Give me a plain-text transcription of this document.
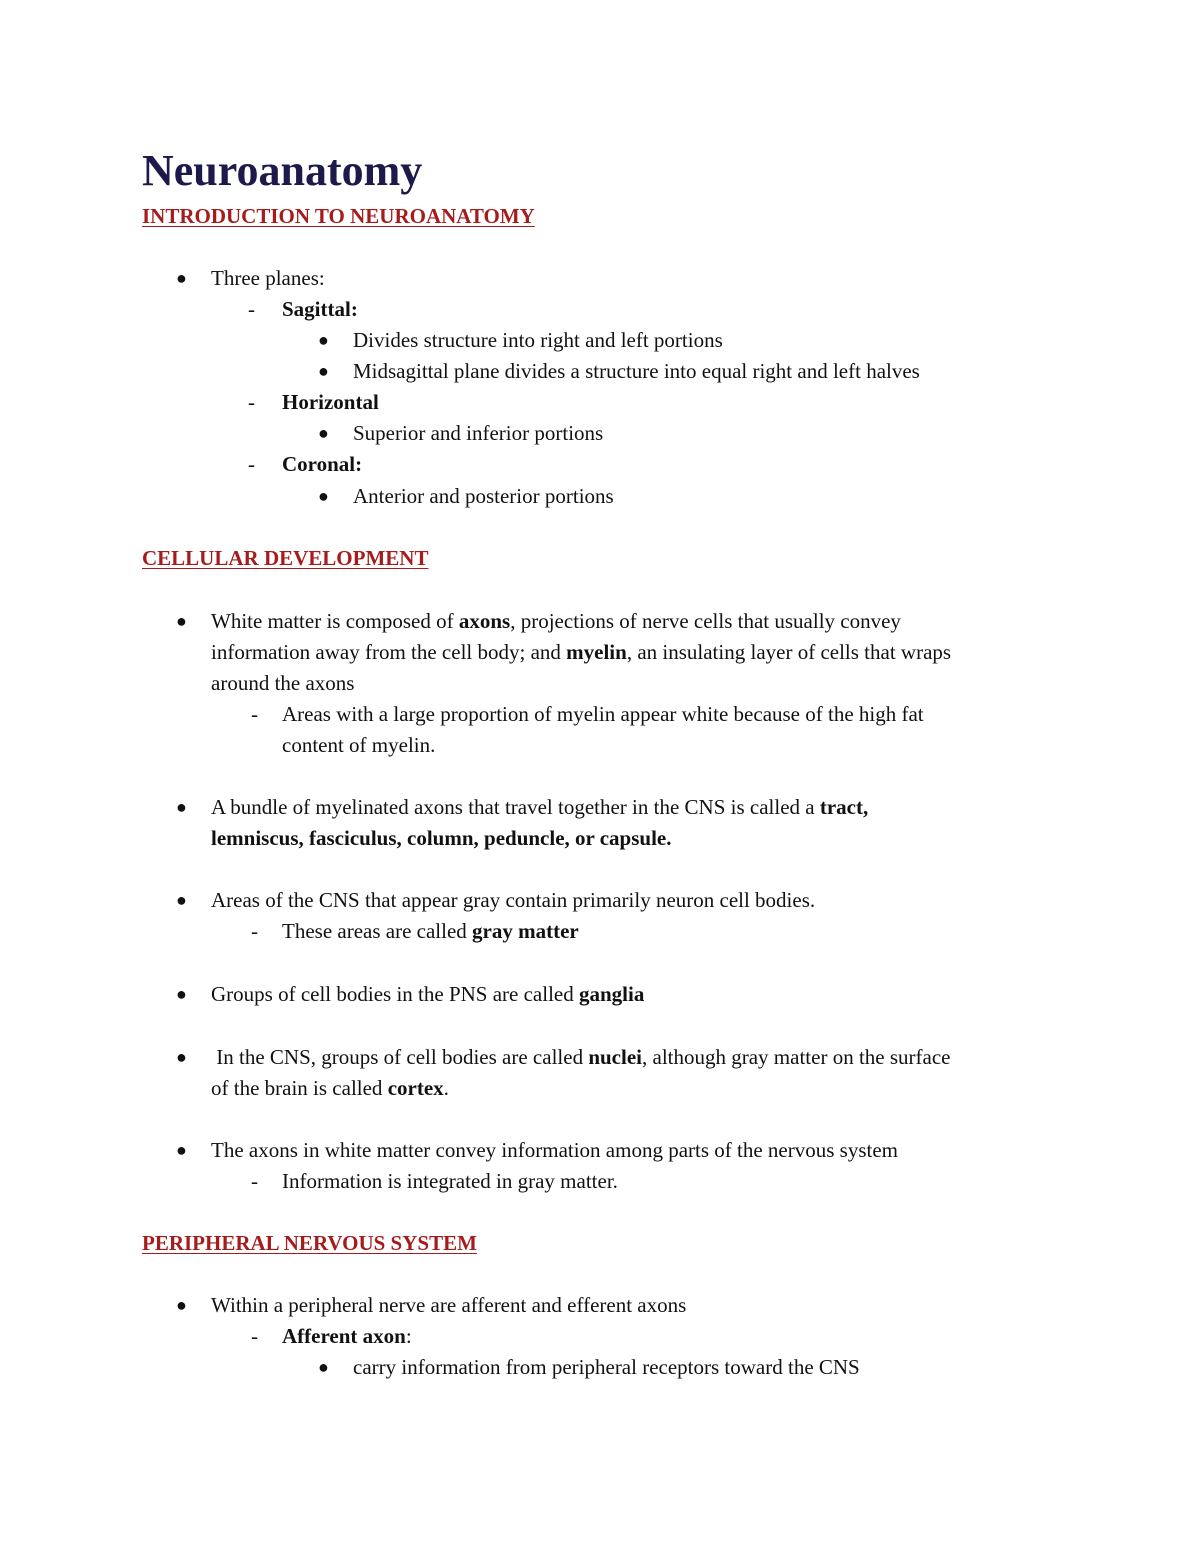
Neuroanatomy
INTRODUCTION TO NEUROANATOMY
● Three planes:
- Sagittal:
● Divides structure into right and left portions
● Midsagittal plane divides a structure into equal right and left halves
- Horizontal
● Superior and inferior portions
- Coronal:
● Anterior and posterior portions
CELLULAR DEVELOPMENT
● White matter is composed of axons, projections of nerve cells that usually convey
information away from the cell body; and myelin, an insulating layer of cells that wraps
around the axons
- Areas with a large proportion of myelin appear white because of the high fat
content of myelin.
● A bundle of myelinated axons that travel together in the CNS is called a tract,
lemniscus, fasciculus, column, peduncle, or capsule.
● Areas of the CNS that appear gray contain primarily neuron cell bodies.
- These areas are called gray matter
● Groups of cell bodies in the PNS are called ganglia
● In the CNS, groups of cell bodies are called nuclei, although gray matter on the surface
of the brain is called cortex.
● The axons in white matter convey information among parts of the nervous system
- Information is integrated in gray matter.
PERIPHERAL NERVOUS SYSTEM
● Within a peripheral nerve are afferent and efferent axons
- Afferent axon:
● carry information from peripheral receptors toward the CNS
